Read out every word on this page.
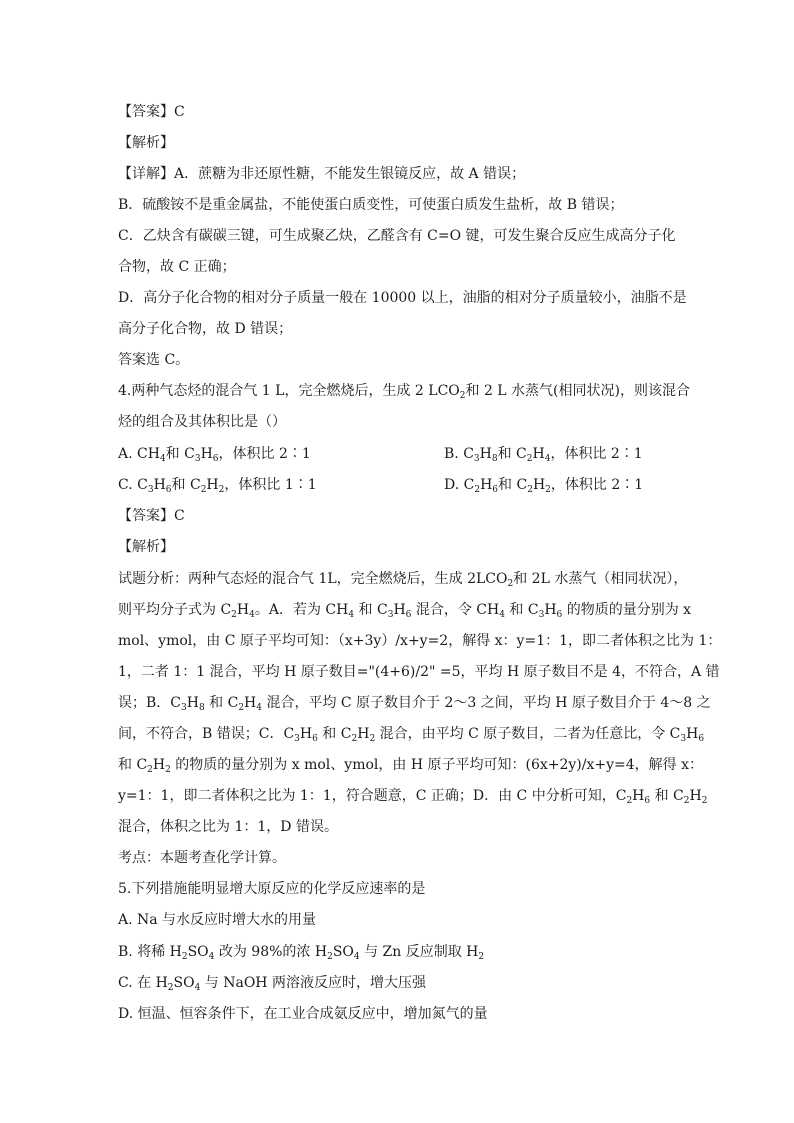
【答案】C
【解析】
【详解】A．蔗糖为非还原性糖，不能发生银镜反应，故 A 错误；
B．硫酸铵不是重金属盐，不能使蛋白质变性，可使蛋白质发生盐析，故 B 错误；
C．乙炔含有碳碳三键，可生成聚乙炔，乙醛含有 C=O 键，可发生聚合反应生成高分子化
合物，故 C 正确；
D．高分子化合物的相对分子质量一般在 10000 以上，油脂的相对分子质量较小，油脂不是
高分子化合物，故 D 错误；
答案选 C。
4.两种气态烃的混合气 1 L，完全燃烧后，生成 2 $LCO_2$和 2 L 水蒸气(相同状况)，则该混合
烃的组合及其体积比是（）
A. $CH_4$和 $C_3H_6$，体积比 2∶1	B. $C_3H_8$和 $C_2H_4$，体积比 2∶1
C. $C_3H_6$和 $C_2H_2$，体积比 1∶1	D. $C_2H_6$和 $C_2H_2$，体积比 2∶1
【答案】C
【解析】
试题分析：两种气态烃的混合气 1L，完全燃烧后，生成 $2LCO_2$和 2L 水蒸气（相同状况），
则平均分子式为 $C_2H_4$。A．若为 $CH_4$ 和 $C_3H_6$ 混合，令 $CH_4$ 和 $C_3H_6$ 的物质的量分别为 x
mol、ymol，由 C 原子平均可知：（x+3y）/x+y=2，解得 x：y=1：1，即二者体积之比为 1：
1，二者 1：1 混合，平均 H 原子数目="(4+6)/2" =5，平均 H 原子数目不是 4，不符合，A 错
误；B．$C_3H_8$ 和 $C_2H_4$ 混合，平均 C 原子数目介于 2～3 之间，平均 H 原子数目介于 4～8 之
间，不符合，B 错误；C．$C_3H_6$ 和 $C_2H_2$ 混合，由平均 C 原子数目，二者为任意比，令 $C_3H_6$
和 $C_2H_2$ 的物质的量分别为 x mol、ymol，由 H 原子平均可知：(6x+2y)/x+y=4，解得 x：
y=1：1，即二者体积之比为 1：1，符合题意，C 正确；D．由 C 中分析可知，$C_2H_6$ 和 $C_2H_2$
混合，体积之比为 1：1，D 错误。
考点：本题考查化学计算。
5.下列措施能明显增大原反应的化学反应速率的是
A. Na 与水反应时增大水的用量
B. 将稀 $H_2SO_4$ 改为 98%的浓 $H_2SO_4$ 与 Zn 反应制取 $H_2$
C. 在 $H_2SO_4$ 与 NaOH 两溶液反应时，增大压强
D. 恒温、恒容条件下，在工业合成氨反应中，增加氮气的量
